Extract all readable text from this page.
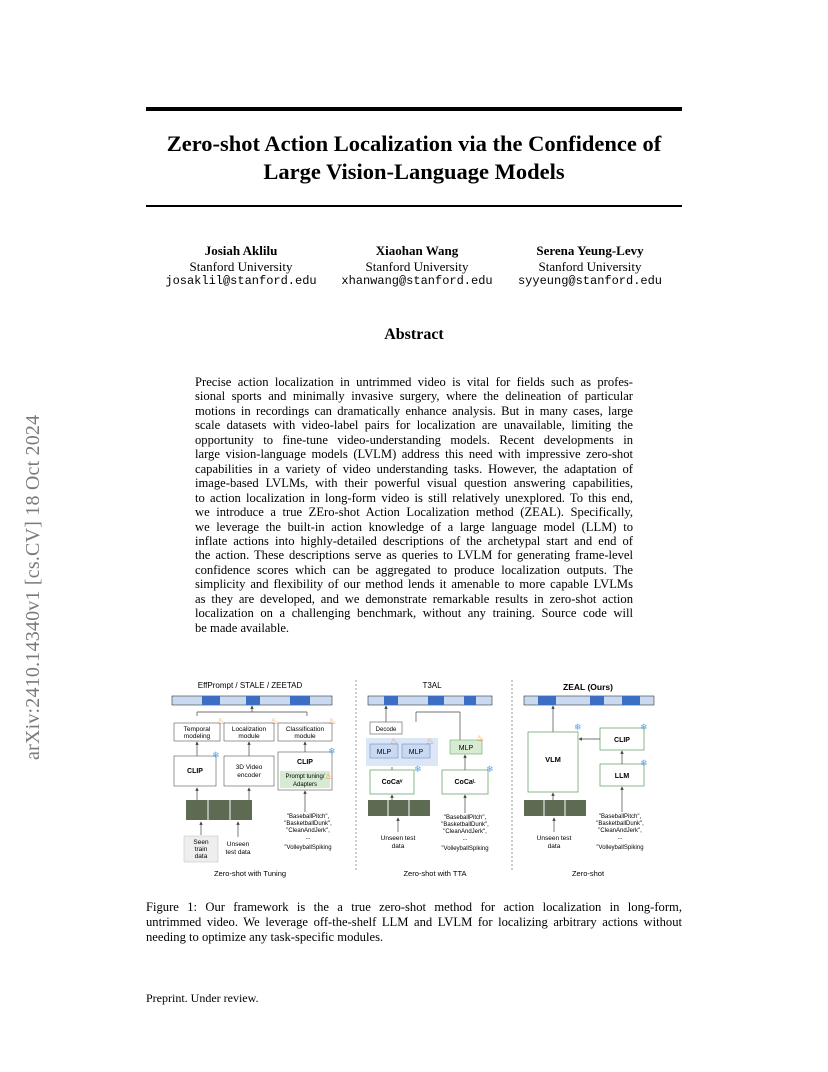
arXiv:2410.14340v1 [cs.CV] 18 Oct 2024
Zero-shot Action Localization via the Confidence of
Large Vision-Language Models
Josiah Aklilu
Stanford University
josaklil@stanford.edu
Xiaohan Wang
Stanford University
xhanwang@stanford.edu
Serena Yeung-Levy
Stanford University
syyeung@stanford.edu
Abstract
Precise action localization in untrimmed video is vital for fields such as profes-
sional sports and minimally invasive surgery, where the delineation of particular
motions in recordings can dramatically enhance analysis. But in many cases, large
scale datasets with video-label pairs for localization are unavailable, limiting the
opportunity to fine-tune video-understanding models. Recent developments in
large vision-language models (LVLM) address this need with impressive zero-shot
capabilities in a variety of video understanding tasks. However, the adaptation of
image-based LVLMs, with their powerful visual question answering capabilities,
to action localization in long-form video is still relatively unexplored. To this end,
we introduce a true ZEro-shot Action Localization method (ZEAL). Specifically,
we leverage the built-in action knowledge of a large language model (LLM) to
inflate actions into highly-detailed descriptions of the archetypal start and end of
the action. These descriptions serve as queries to LVLM for generating frame-level
confidence scores which can be aggregated to produce localization outputs. The
simplicity and flexibility of our method lends it amenable to more capable LVLMs
as they are developed, and we demonstrate remarkable results in zero-shot action
localization on a challenging benchmark, without any training. Source code will
be made available.
EffPrompt / STALE / ZEETAD
Temporal
modeling
Localization
module
Classification
module
♨	♨	♨
CLIP
❄
3D Video
encoder
CLIP
Prompt tuning/
Adapters
❄
♨
Seen
train
data
Unseen
test data
"BaseballPitch",
"BasketballDunk",
"CleanAndJerk",
...
"VolleyballSpiking
Zero-shot with Tuning
T3AL
Decode
MLP	MLP
MLP
♨	♨	♨
CoCaᵛ
❄
CoCaᴸ
❄
Unseen test
data
"BaseballPitch",
"BasketballDunk",
"CleanAndJerk",
...
"VolleyballSpiking
Zero-shot with TTA
ZEAL (Ours)
VLM
❄
CLIP
❄
LLM
❄
Unseen test
data
"BaseballPitch",
"BasketballDunk",
"CleanAndJerk",
...
"VolleyballSpiking
Zero-shot
Figure 1: Our framework is the a true zero-shot method for action localization in long-form,
untrimmed video. We leverage off-the-shelf LLM and LVLM for localizing arbitrary actions without
needing to optimize any task-specific modules.
Preprint. Under review.
